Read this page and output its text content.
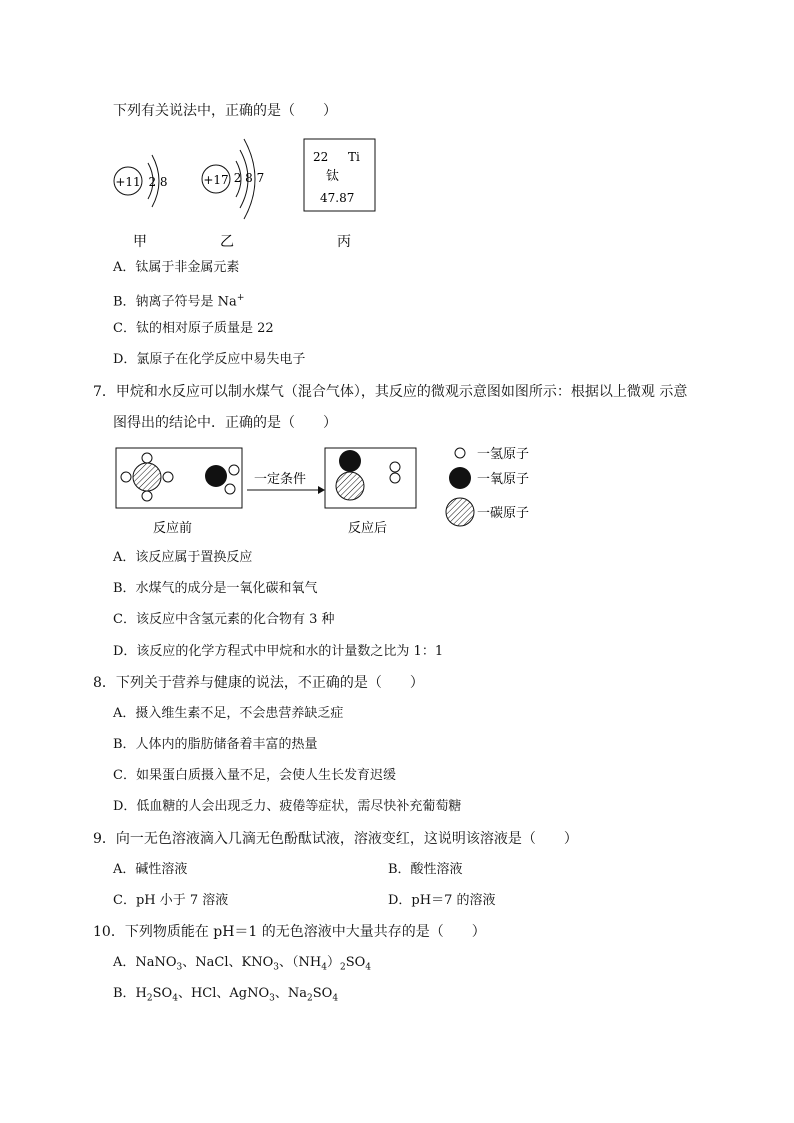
下列有关说法中，正确的是（　　）
+11 2 8	+17 2 8 7
22 Ti
钛
47.87
甲	乙	丙
A．钛属于非金属元素
B．钠离子符号是 Na+
C．钛的相对原子质量是 22
D．氯原子在化学反应中易失电子
7．甲烷和水反应可以制水煤气（混合气体），其反应的微观示意图如图所示：根据以上微观 示意
图得出的结论中．正确的是（　　）
一定条件
反应前	反应后
一氢原子
一氧原子
一碳原子
A．该反应属于置换反应
B．水煤气的成分是一氧化碳和氧气
C．该反应中含氢元素的化合物有 3 种
D．该反应的化学方程式中甲烷和水的计量数之比为 1：1
8．下列关于营养与健康的说法，不正确的是（　　）
A．摄入维生素不足，不会患营养缺乏症
B．人体内的脂肪储备着丰富的热量
C．如果蛋白质摄入量不足，会使人生长发育迟缓
D．低血糖的人会出现乏力、疲倦等症状，需尽快补充葡萄糖
9．向一无色溶液滴入几滴无色酚酞试液，溶液变红，这说明该溶液是（　　）
A．碱性溶液	B．酸性溶液
C．pH 小于 7 溶液	D．pH＝7 的溶液
10．下列物质能在 pH＝1 的无色溶液中大量共存的是（　　）
A．NaNO$_3$、NaCl、$KNO_3$、$(NH_4)_2SO_4$
B．$H_2SO_4$、HCl、AgNO$_3$、$Na_2SO_4$
